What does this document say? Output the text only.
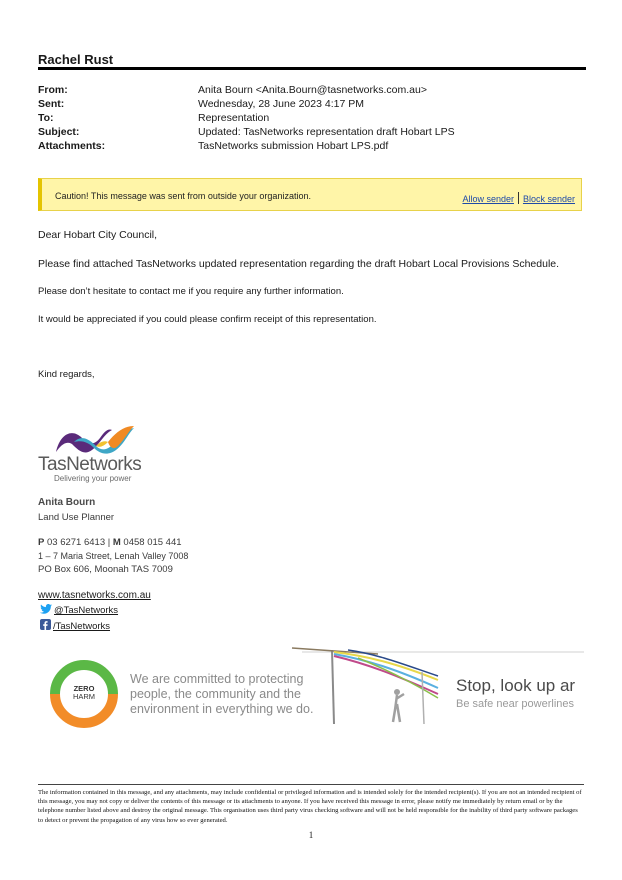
Rachel Rust
From:	Anita Bourn <Anita.Bourn@tasnetworks.com.au>
Sent:	Wednesday, 28 June 2023 4:17 PM
To:	Representation
Subject:	Updated: TasNetworks representation draft Hobart LPS
Attachments:	TasNetworks submission Hobart LPS.pdf
Caution! This message was sent from outside your organization.	Allow sender Block sender
Dear Hobart City Council,
Please find attached TasNetworks updated representation regarding the draft Hobart Local Provisions Schedule.
Please don’t hesitate to contact me if you require any further information.
It would be appreciated if you could please confirm receipt of this representation.
Kind regards,
TasNetworks
Delivering your power
Anita Bourn
Land Use Planner
P 03 6271 6413 | M 0458 015 441
1 – 7 Maria Street, Lenah Valley 7008
PO Box 606, Moonah TAS 7009
www.tasnetworks.com.au
@TasNetworks
/TasNetworks
ZERO
HARM
We are committed to protecting people, the community and the environment in everything we do.
Stop, look up ar
Be safe near powerlines
The information contained in this message, and any attachments, may include confidential or privileged information and is intended solely for the intended recipient(s). If you are not an intended recipient of this message, you may not copy or deliver the contents of this message or its attachments to anyone. If you have received this message in error, please notify me immediately by return email or by the telephone number listed above and destroy the original message. This organisation uses third party virus checking software and will not be held responsible for the inability of third party software packages to detect or prevent the propagation of any virus how so ever generated.
1
